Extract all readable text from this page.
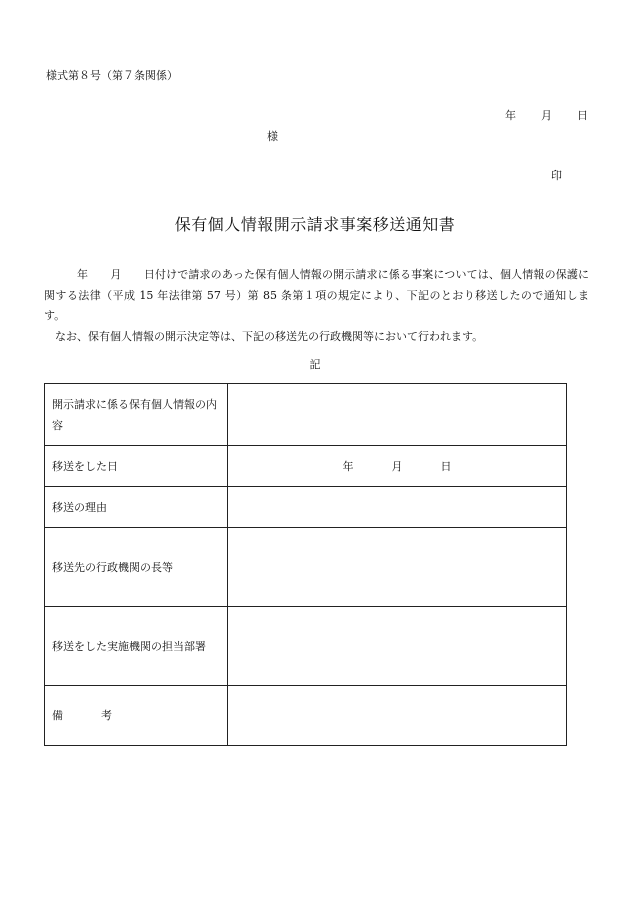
様式第８号（第７条関係）
年 月 日
様
印
保有個人情報開示請求事案移送通知書

年　　月　　日付けで請求のあった保有個人情報の開示請求に係る事案については、個人情報の保護に関する法律（平成 15 年法律第 57 号）第 85 条第１項の規定により、下記のとおり移送したので通知します。

なお、保有個人情報の開示決定等は、下記の移送先の行政機関等において行われます。

記
開示請求に係る保有個人情報の内容	
移送をした日	年 月 日
移送の理由	
移送先の行政機関の長等	
移送をした実施機関の担当部署	
備 考	
